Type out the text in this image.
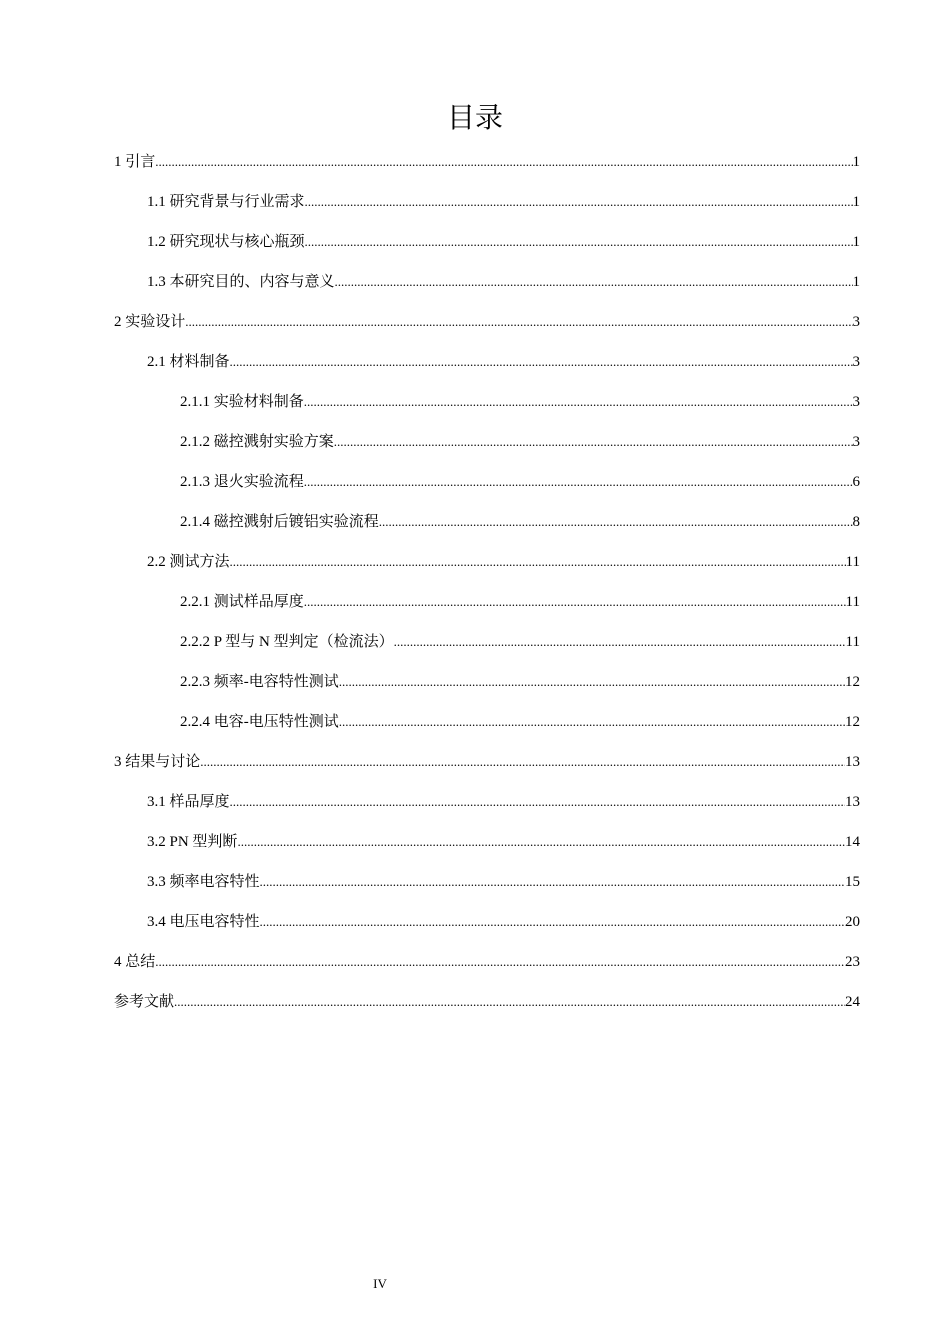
目录
1 引言 .....	1
1.1 研究背景与行业需求 .....	1
1.2 研究现状与核心瓶颈 .....	1
1.3 本研究目的、内容与意义 .....	1
2 实验设计 .....	3
2.1 材料制备 .....	3
2.1.1 实验材料制备 .....	3
2.1.2 磁控溅射实验方案 .....	3
2.1.3 退火实验流程 .....	6
2.1.4 磁控溅射后镀铝实验流程 .....	8
2.2 测试方法 .....	11
2.2.1 测试样品厚度 .....	11
2.2.2 P 型与 N 型判定（检流法） .....	11
2.2.3 频率-电容特性测试 .....	12
2.2.4 电容-电压特性测试 .....	12
3 结果与讨论 .....	13
3.1 样品厚度 .....	13
3.2 PN 型判断 .....	14
3.3 频率电容特性 .....	15
3.4 电压电容特性 .....	20
4 总结 .....	23
参考文献 .....	24
IV
